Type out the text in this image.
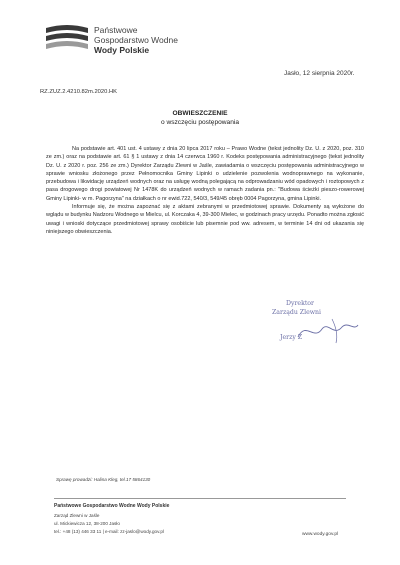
Państwowe
Gospodarstwo Wodne
Wody Polskie
Jasło, 12 sierpnia 2020r.
RZ.ZUZ.2.4210.82m.2020.HK
OBWIESZCZENIE
o wszczęciu postępowania

Na podstawie art. 401 ust. 4 ustawy z dnia 20 lipca 2017 roku – Prawo Wodne (tekst jednolity Dz. U. z 2020, poz. 310 ze zm.) oraz na podstawie art. 61 § 1 ustawy z dnia 14 czerwca 1960 r. Kodeks postępowania administracyjnego (tekst jednolity Dz. U. z 2020 r. poz. 256 ze zm.) Dyrektor Zarządu Zlewni w Jaśle, zawiadamia o wszczęciu postępowania administracyjnego w sprawie wniosku złożonego przez Pełnomocnika Gminy Lipinki o udzielenie pozwolenia wodnoprawnego na wykonanie, przebudowa i likwidację urządzeń wodnych oraz na usługę wodną polegającą na odprowadzaniu wód opadowych i roztopowych z pasa drogowego drogi powiatowej Nr 1478K do urządzeń wodnych w ramach zadania pn.: "Budowa ścieżki pieszo-rowerowej Gminy Lipinki- w m. Pagorzyna" na działkach o nr ewid.722, 540/3, 549/45 obręb 0004 Pagorzyna, gmina Lipinki.

Informuje się, że można zapoznać się z aktami zebranymi w przedmiotowej sprawie. Dokumenty są wyłożone do wglądu w budynku Nadzoru Wodnego w Mielcu, ul. Korczaka 4, 39-300 Mielec, w godzinach pracy urzędu. Ponadto można zgłosić uwagi i wnioski dotyczące przedmiotowej sprawy osobiście lub pisemnie pod ww. adresem, w terminie 14 dni od ukazania się niniejszego obwieszczenia.

Dyrektor
Zarządu Zlewni
Jerzy Z
Sprawę prowadzi: Halina Kleg, tel.17 5864130
Państwowe Gospodarstwo Wodne Wody Polskie
Zarząd Zlewni w Jaśle
ul. Mickiewicza 12, 38-200 Jasło
tel.: +48 (13) 446 33 11 | e-mail: zz-jaslo@wody.gov.pl
www.wody.gov.pl
